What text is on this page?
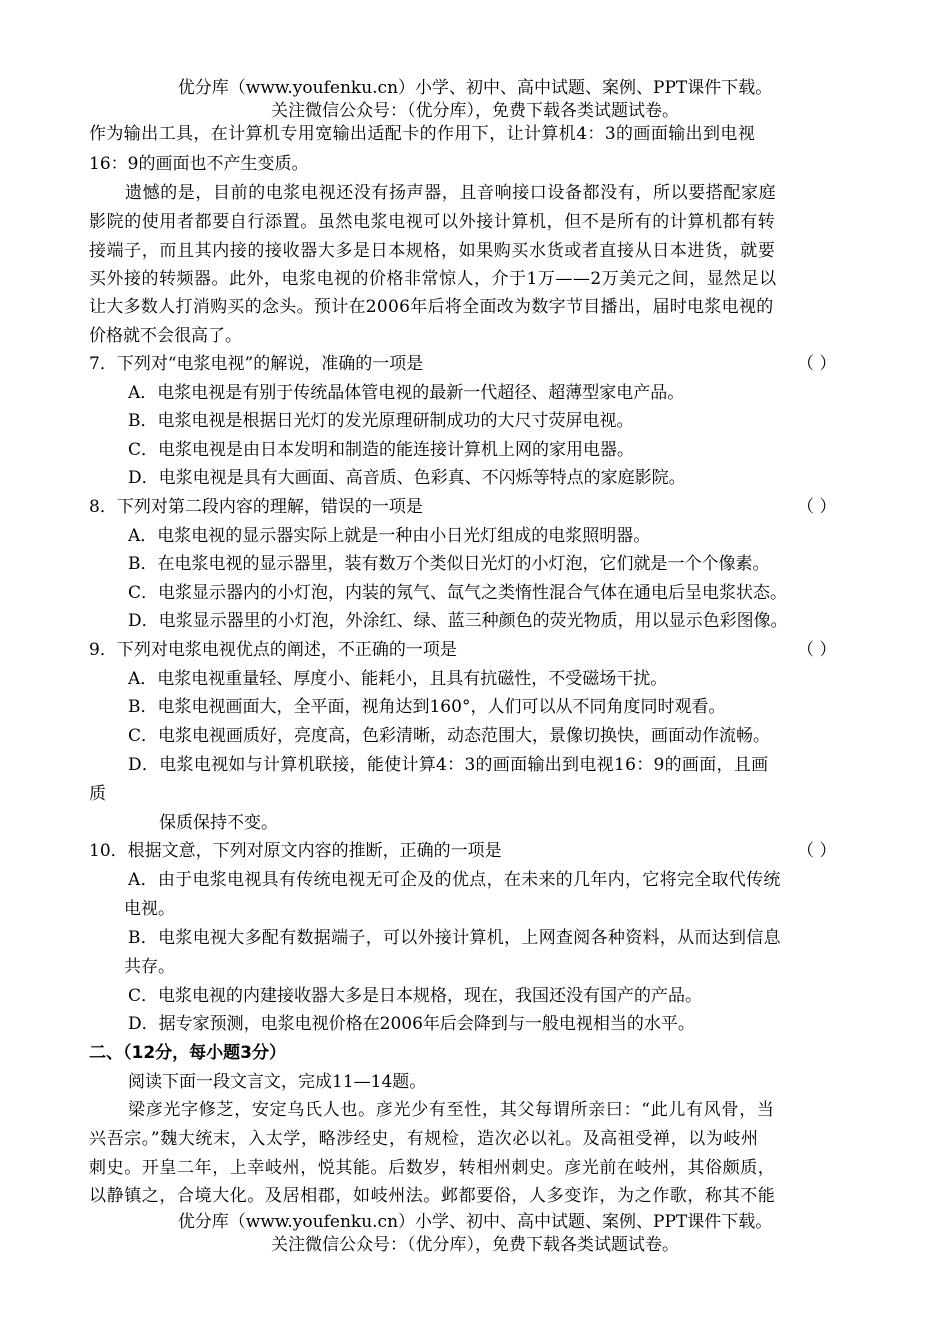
优分库（www.youfenku.cn）小学、初中、高中试题、案例、PPT课件下载。
关注微信公众号：（优分库），免费下载各类试题试卷。
作为输出工具，在计算机专用宽输出适配卡的作用下，让计算机4：3的画面输出到电视
16：9的画面也不产生变质。
遗憾的是，目前的电浆电视还没有扬声器，且音响接口设备都没有，所以要搭配家庭
影院的使用者都要自行添置。虽然电浆电视可以外接计算机，但不是所有的计算机都有转
接端子，而且其内接的接收器大多是日本规格，如果购买水货或者直接从日本进货，就要
买外接的转频器。此外，电浆电视的价格非常惊人，介于1万——2万美元之间，显然足以
让大多数人打消购买的念头。预计在2006年后将全面改为数字节目播出，届时电浆电视的
价格就不会很高了。
7．下列对“电浆电视”的解说，准确的一项是	（ ）
A．电浆电视是有别于传统晶体管电视的最新一代超径、超薄型家电产品。
B．电浆电视是根据日光灯的发光原理研制成功的大尺寸荧屏电视。
C．电浆电视是由日本发明和制造的能连接计算机上网的家用电器。
D．电浆电视是具有大画面、高音质、色彩真、不闪烁等特点的家庭影院。
8．下列对第二段内容的理解，错误的一项是	（ ）
A．电浆电视的显示器实际上就是一种由小日光灯组成的电浆照明器。
B．在电浆电视的显示器里，装有数万个类似日光灯的小灯泡，它们就是一个个像素。
C．电浆显示器内的小灯泡，内装的氖气、氙气之类惰性混合气体在通电后呈电浆状态。
D．电浆显示器里的小灯泡，外涂红、绿、蓝三种颜色的荧光物质，用以显示色彩图像。
9．下列对电浆电视优点的阐述，不正确的一项是	（ ）
A．电浆电视重量轻、厚度小、能耗小，且具有抗磁性，不受磁场干扰。
B．电浆电视画面大，全平面，视角达到160°，人们可以从不同角度同时观看。
C．电浆电视画质好，亮度高，色彩清晰，动态范围大，景像切换快，画面动作流畅。
D．电浆电视如与计算机联接，能使计算4：3的画面输出到电视16：9的画面，且画
质
保质保持不变。
10．根据文意，下列对原文内容的推断，正确的一项是	（ ）
A．由于电浆电视具有传统电视无可企及的优点，在未来的几年内，它将完全取代传统
电视。
B．电浆电视大多配有数据端子，可以外接计算机，上网查阅各种资料，从而达到信息
共存。
C．电浆电视的内建接收器大多是日本规格，现在，我国还没有国产的产品。
D．据专家预测，电浆电视价格在2006年后会降到与一般电视相当的水平。
二、（12分，每小题3分）
阅读下面一段文言文，完成11—14题。
梁彦光字修芝，安定乌氏人也。彦光少有至性，其父每谓所亲曰：“此儿有风骨，当
兴吾宗。”魏大统末，入太学，略涉经史，有规检，造次必以礼。及高祖受禅，以为岐州
刺史。开皇二年，上幸岐州，悦其能。后数岁，转相州刺史。彦光前在岐州，其俗颇质，
以静镇之，合境大化。及居相郡，如岐州法。邺都要俗，人多变诈，为之作歌，称其不能
优分库（www.youfenku.cn）小学、初中、高中试题、案例、PPT课件下载。
关注微信公众号：（优分库），免费下载各类试题试卷。
